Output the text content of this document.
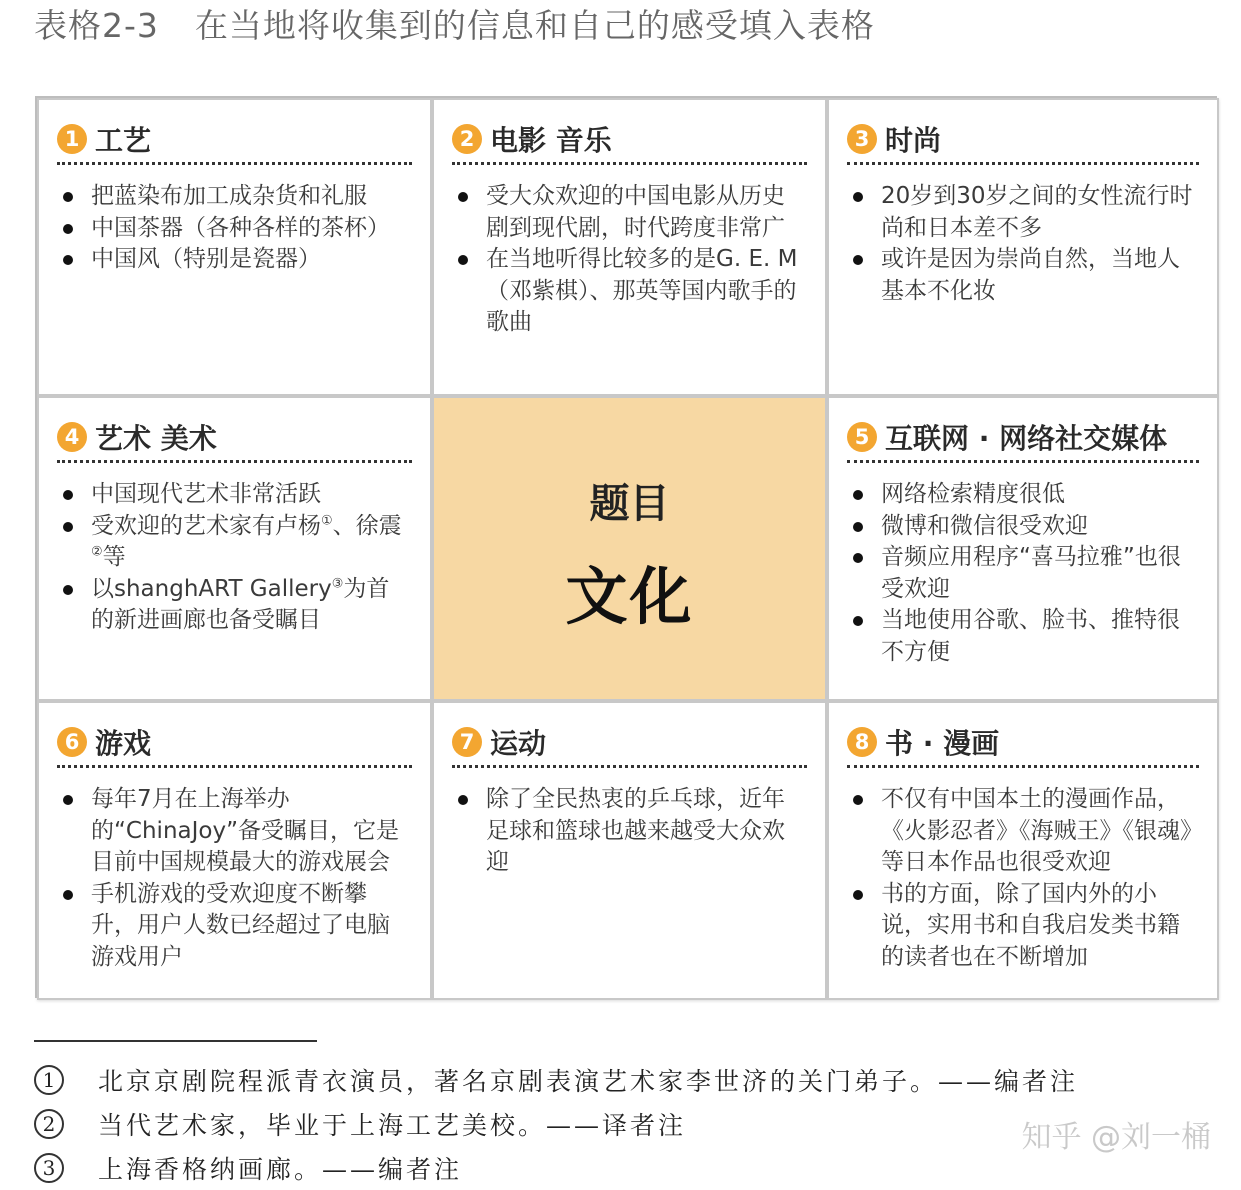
表格2-3 在当地将收集到的信息和自己的感受填入表格
1 工艺
把蓝染布加工成杂货和礼服
中国茶器（各种各样的茶杯）
中国风（特别是瓷器）
2 电影 音乐
受大众欢迎的中国电影从历史剧到现代剧，时代跨度非常广
在当地听得比较多的是G. E. M（邓紫棋）、那英等国内歌手的歌曲
3 时尚
20岁到30岁之间的女性流行时尚和日本差不多
或许是因为崇尚自然，当地人基本不化妆
4 艺术 美术
中国现代艺术非常活跃
受欢迎的艺术家有卢杨①、徐震②等
以shanghART Gallery③为首的新进画廊也备受瞩目
题目
文化
5 互联网 · 网络社交媒体
网络检索精度很低
微博和微信很受欢迎
音频应用程序“喜马拉雅”也很受欢迎
当地使用谷歌、脸书、推特很不方便
6 游戏
每年7月在上海举办的“ChinaJoy”备受瞩目，它是目前中国规模最大的游戏展会
手机游戏的受欢迎度不断攀升，用户人数已经超过了电脑游戏用户
7 运动
除了全民热衷的乒乓球，近年足球和篮球也越来越受大众欢迎
8 书 · 漫画
不仅有中国本土的漫画作品，《火影忍者》《海贼王》《银魂》等日本作品也很受欢迎
书的方面，除了国内外的小说，实用书和自我启发类书籍的读者也在不断增加
1	北京京剧院程派青衣演员，著名京剧表演艺术家李世济的关门弟子。——编者注
2	当代艺术家，毕业于上海工艺美校。——译者注
3	上海香格纳画廊。——编者注
知乎 @刘一桶
